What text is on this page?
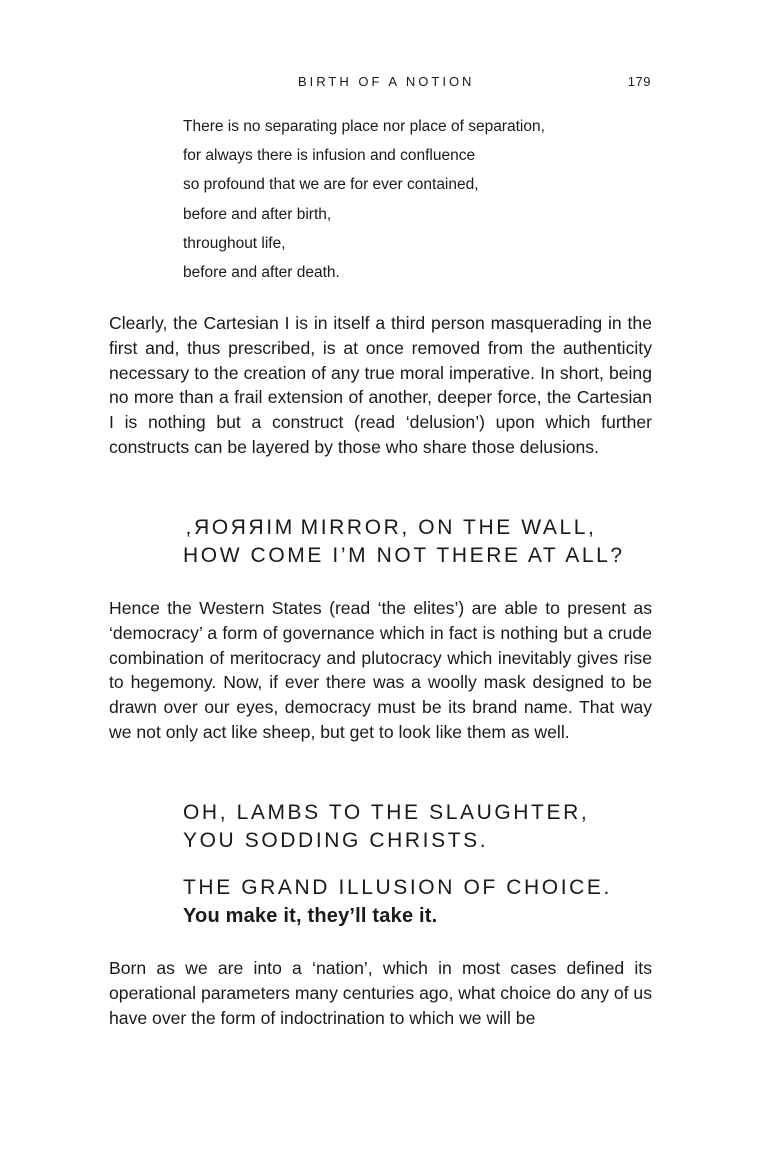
BIRTH OF A NOTION	179
There is no separating place nor place of separation,
for always there is infusion and confluence
so profound that we are for ever contained,
before and after birth,
throughout life,
before and after death.

Clearly, the Cartesian I is in itself a third person masquerading in the first and, thus prescribed, is at once removed from the authenticity necessary to the creation of any true moral imperative. In short, being no more than a frail extension of another, deeper force, the Cartesian I is nothing but a construct (read ‘delusion’) upon which further constructs can be layered by those who share those delusions.

MIRROR, MIRROR, ON THE WALL,
HOW COME I’M NOT THERE AT ALL?

Hence the Western States (read ‘the elites’) are able to present as ‘democracy’ a form of governance which in fact is nothing but a crude combination of meritocracy and plutocracy which inevitably gives rise to hegemony. Now, if ever there was a woolly mask designed to be drawn over our eyes, democracy must be its brand name. That way we not only act like sheep, but get to look like them as well.

OH, LAMBS TO THE SLAUGHTER,
YOU SODDING CHRISTS.
THE GRAND ILLUSION OF CHOICE.
You make it, they’ll take it.

Born as we are into a ‘nation’, which in most cases defined its operational parameters many centuries ago, what choice do any of us have over the form of indoctrination to which we will be
